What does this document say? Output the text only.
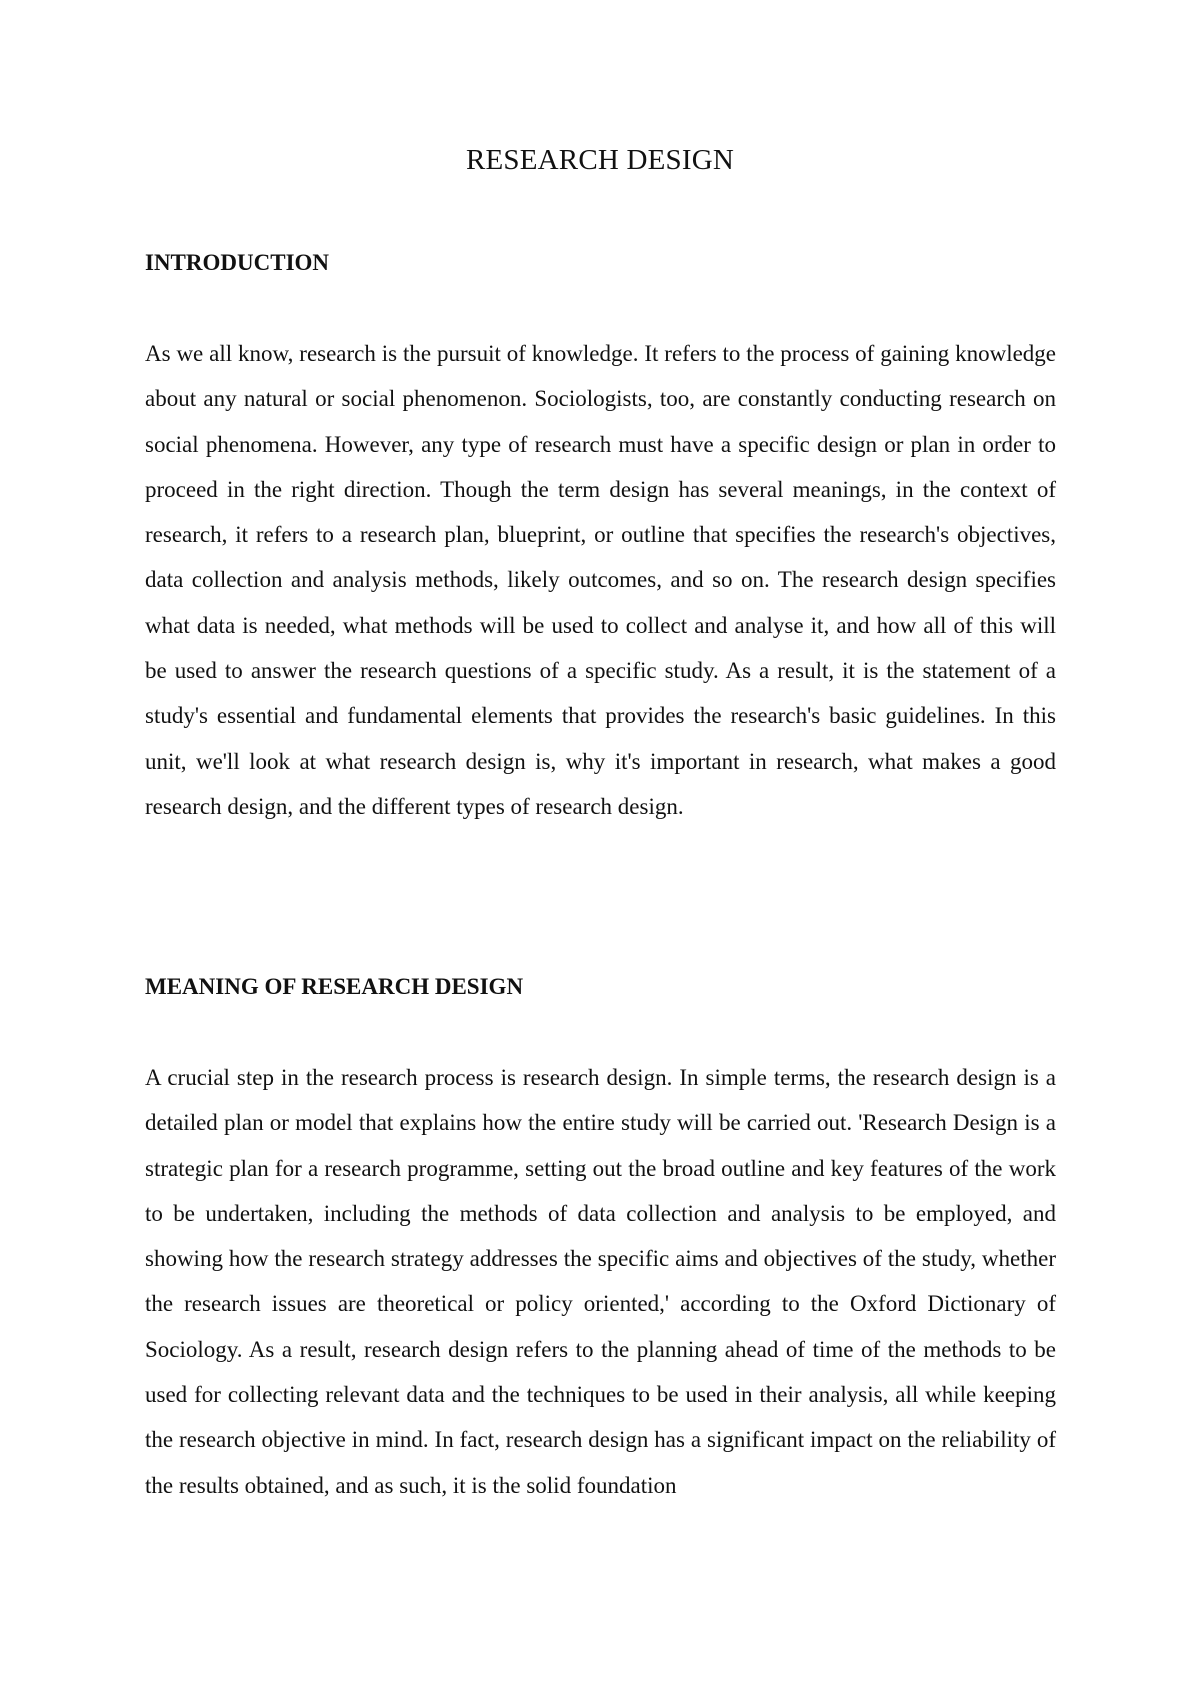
RESEARCH DESIGN
INTRODUCTION

As we all know, research is the pursuit of knowledge. It refers to the process of gaining knowledge about any natural or social phenomenon. Sociologists, too, are constantly conducting research on social phenomena. However, any type of research must have a specific design or plan in order to proceed in the right direction. Though the term design has several meanings, in the context of research, it refers to a research plan, blueprint, or outline that specifies the research's objectives, data collection and analysis methods, likely outcomes, and so on. The research design specifies what data is needed, what methods will be used to collect and analyse it, and how all of this will be used to answer the research questions of a specific study. As a result, it is the statement of a study's essential and fundamental elements that provides the research's basic guidelines. In this unit, we'll look at what research design is, why it's important in research, what makes a good research design, and the different types of research design.

MEANING OF RESEARCH DESIGN

A crucial step in the research process is research design. In simple terms, the research design is a detailed plan or model that explains how the entire study will be carried out. 'Research Design is a strategic plan for a research programme, setting out the broad outline and key features of the work to be undertaken, including the methods of data collection and analysis to be employed, and showing how the research strategy addresses the specific aims and objectives of the study, whether the research issues are theoretical or policy oriented,' according to the Oxford Dictionary of Sociology. As a result, research design refers to the planning ahead of time of the methods to be used for collecting relevant data and the techniques to be used in their analysis, all while keeping the research objective in mind. In fact, research design has a significant impact on the reliability of the results obtained, and as such, it is the solid foundation
